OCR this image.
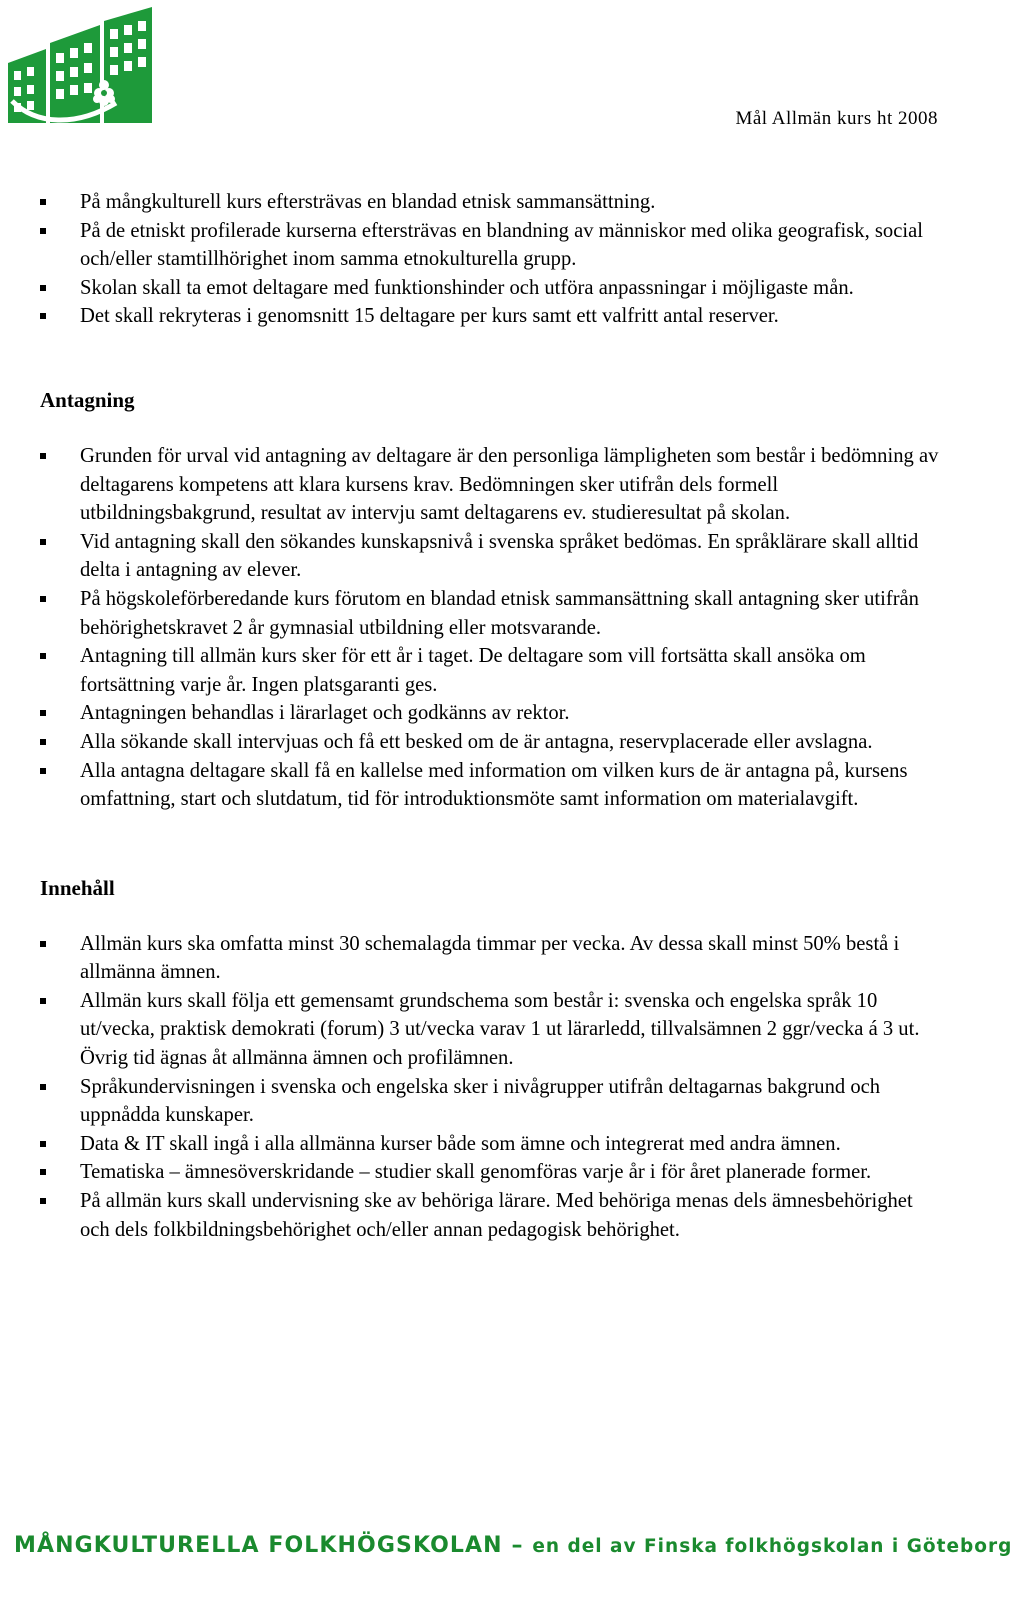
Mål Allmän kurs ht 2008
På mångkulturell kurs eftersträvas en blandad etnisk sammansättning.
På de etniskt profilerade kurserna eftersträvas en blandning av människor med olika geografisk, social och/eller stamtillhörighet inom samma etnokulturella grupp.
Skolan skall ta emot deltagare med funktionshinder och utföra anpassningar i möjligaste mån.
Det skall rekryteras i genomsnitt 15 deltagare per kurs samt ett valfritt antal reserver.
Antagning
Grunden för urval vid antagning av deltagare är den personliga lämpligheten som består i bedömning av deltagarens kompetens att klara kursens krav. Bedömningen sker utifrån dels formell utbildningsbakgrund, resultat av intervju samt deltagarens ev. studieresultat på skolan.
Vid antagning skall den sökandes kunskapsnivå i svenska språket bedömas. En språklärare skall alltid delta i antagning av elever.
På högskoleförberedande kurs förutom en blandad etnisk sammansättning skall antagning sker utifrån behörighetskravet 2 år gymnasial utbildning eller motsvarande.
Antagning till allmän kurs sker för ett år i taget. De deltagare som vill fortsätta skall ansöka om fortsättning varje år. Ingen platsgaranti ges.
Antagningen behandlas i lärarlaget och godkänns av rektor.
Alla sökande skall intervjuas och få ett besked om de är antagna, reservplacerade eller avslagna.
Alla antagna deltagare skall få en kallelse med information om vilken kurs de är antagna på, kursens omfattning, start och slutdatum, tid för introduktionsmöte samt information om materialavgift.
Innehåll
Allmän kurs ska omfatta minst 30 schemalagda timmar per vecka. Av dessa skall minst 50% bestå i allmänna ämnen.
Allmän kurs skall följa ett gemensamt grundschema som består i: svenska och engelska språk 10 ut/vecka, praktisk demokrati (forum) 3 ut/vecka varav 1 ut lärarledd, tillvalsämnen 2 ggr/vecka á 3 ut. Övrig tid ägnas åt allmänna ämnen och profilämnen.
Språkundervisningen i svenska och engelska sker i nivågrupper utifrån deltagarnas bakgrund och uppnådda kunskaper.
Data & IT skall ingå i alla allmänna kurser både som ämne och integrerat med andra ämnen.
Tematiska – ämnesöverskridande – studier skall genomföras varje år i för året planerade former.
På allmän kurs skall undervisning ske av behöriga lärare. Med behöriga menas dels ämnesbehörighet och dels folkbildningsbehörighet och/eller annan pedagogisk behörighet.
MÅNGKULTURELLA FOLKHÖGSKOLAN – en del av Finska folkhögskolan i Göteborg
